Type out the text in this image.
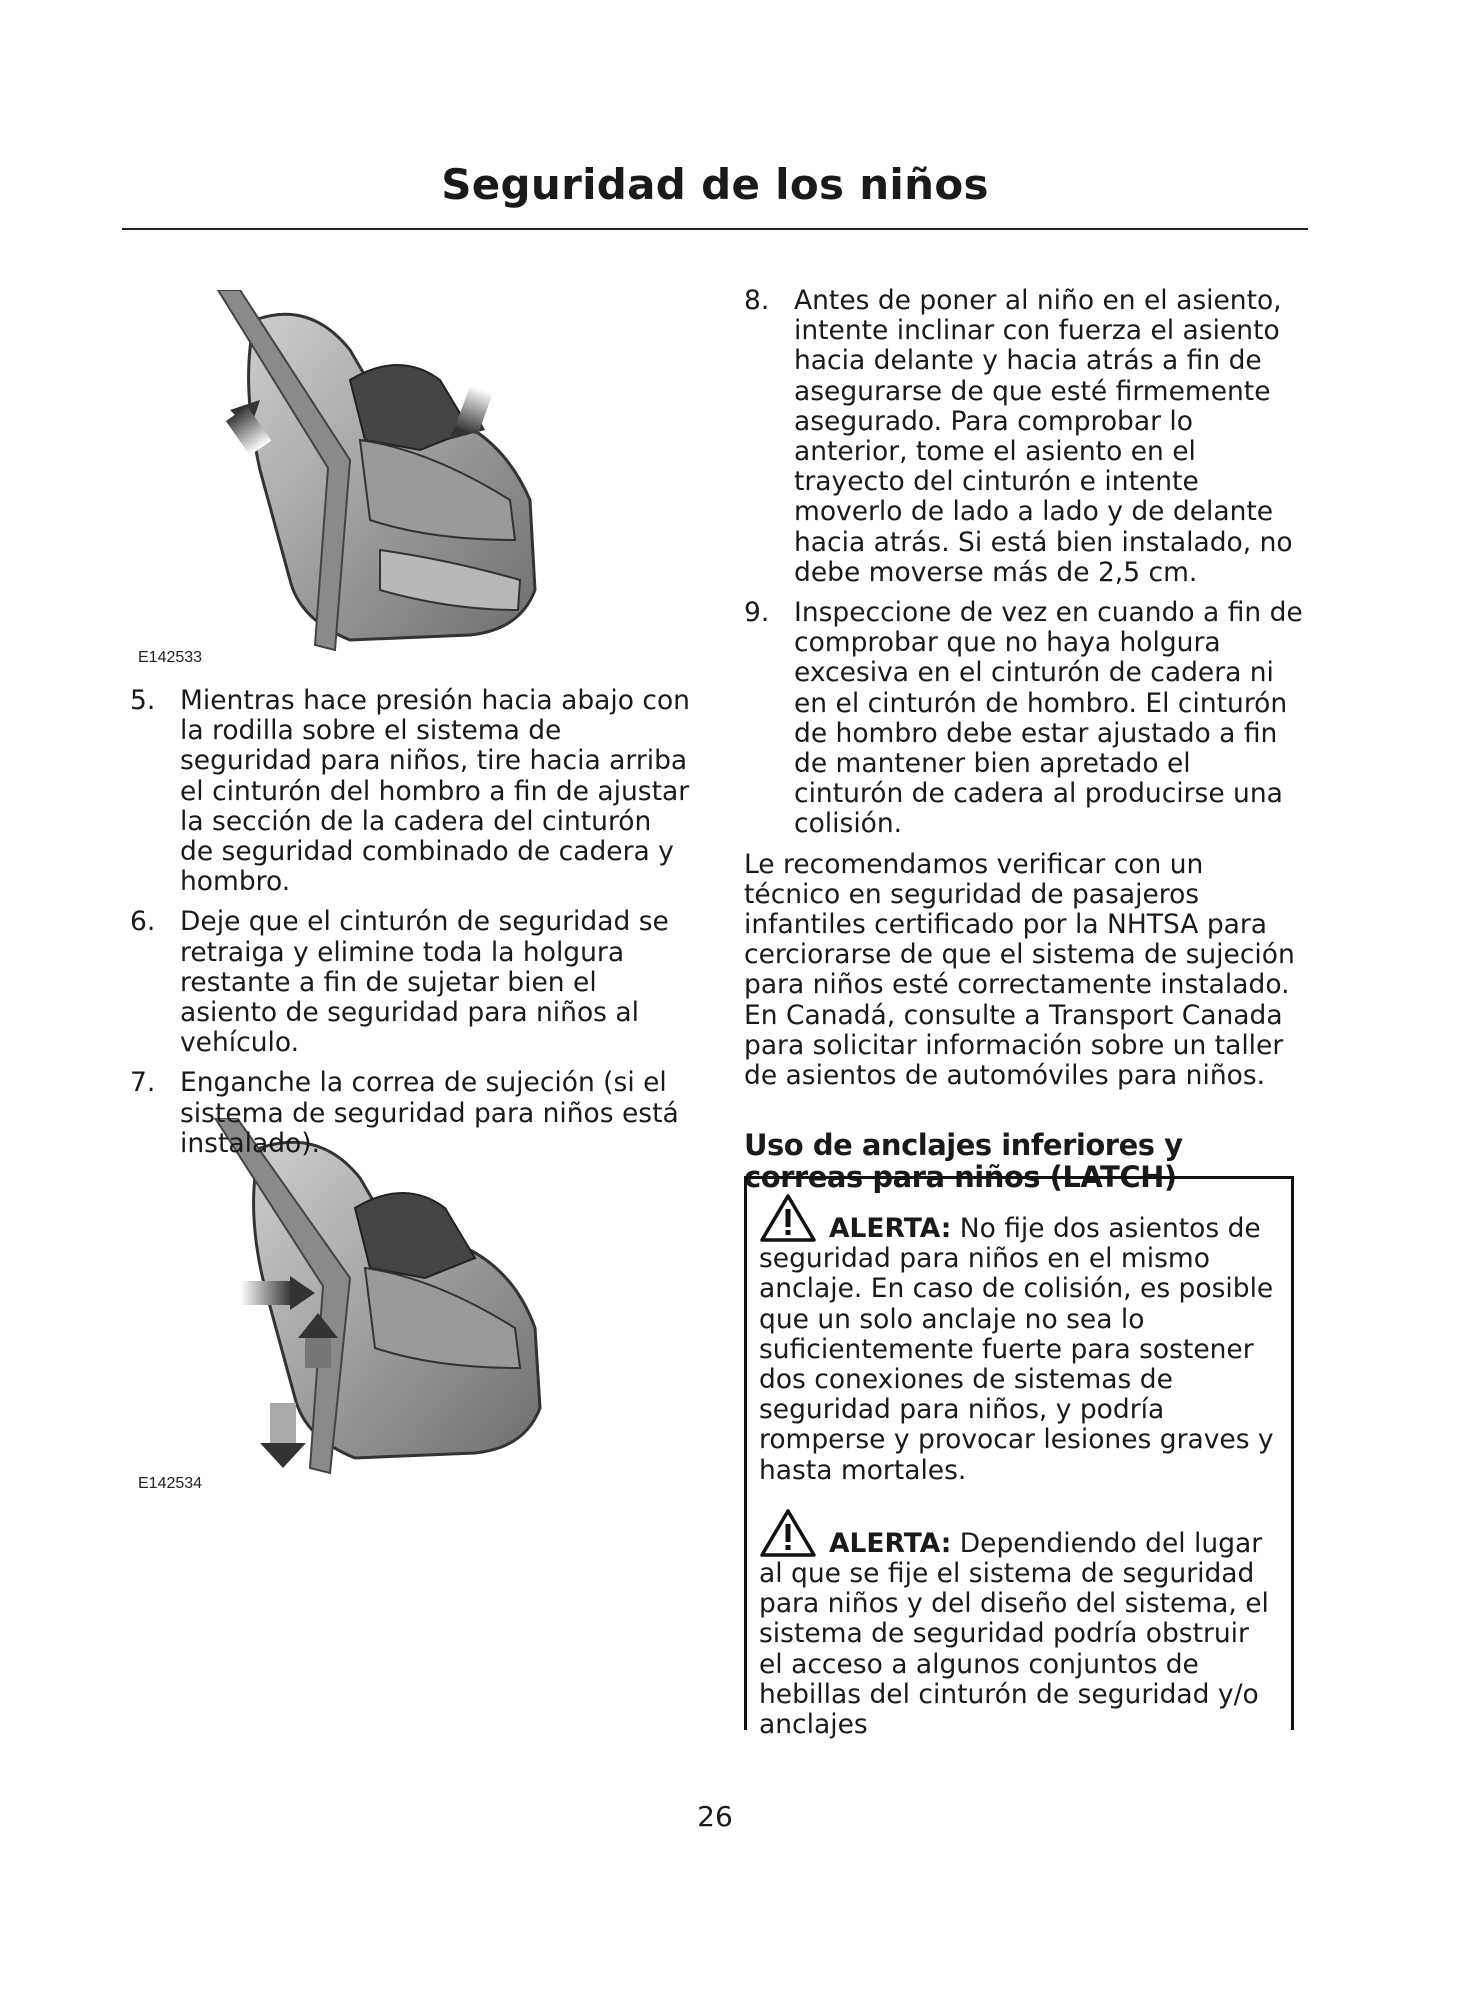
Seguridad de los niños
E142533
E142534
5. Mientras hace presión hacia abajo con la rodilla sobre el sistema de seguridad para niños, tire hacia arriba el cinturón del hombro a fin de ajustar la sección de la cadera del cinturón de seguridad combinado de cadera y hombro.
6. Deje que el cinturón de seguridad se retraiga y elimine toda la holgura restante a fin de sujetar bien el asiento de seguridad para niños al vehículo.
7. Enganche la correa de sujeción (si el sistema de seguridad para niños está instalado).
8. Antes de poner al niño en el asiento, intente inclinar con fuerza el asiento hacia delante y hacia atrás a fin de asegurarse de que esté firmemente asegurado. Para comprobar lo anterior, tome el asiento en el trayecto del cinturón e intente moverlo de lado a lado y de delante hacia atrás. Si está bien instalado, no debe moverse más de 2,5 cm.
9. Inspeccione de vez en cuando a fin de comprobar que no haya holgura excesiva en el cinturón de cadera ni en el cinturón de hombro. El cinturón de hombro debe estar ajustado a fin de mantener bien apretado el cinturón de cadera al producirse una colisión.

Le recomendamos verificar con un técnico en seguridad de pasajeros infantiles certificado por la NHTSA para cerciorarse de que el sistema de sujeción para niños esté correctamente instalado. En Canadá, consulte a Transport Canada para solicitar información sobre un taller de asientos de automóviles para niños.

Uso de anclajes inferiores y correas para niños (LATCH)
ALERTA: No fije dos asientos de seguridad para niños en el mismo anclaje. En caso de colisión, es posible que un solo anclaje no sea lo suficientemente fuerte para sostener dos conexiones de sistemas de seguridad para niños, y podría romperse y provocar lesiones graves y hasta mortales.
ALERTA: Dependiendo del lugar al que se fije el sistema de seguridad para niños y del diseño del sistema, el sistema de seguridad podría obstruir el acceso a algunos conjuntos de hebillas del cinturón de seguridad y/o anclajes
26
